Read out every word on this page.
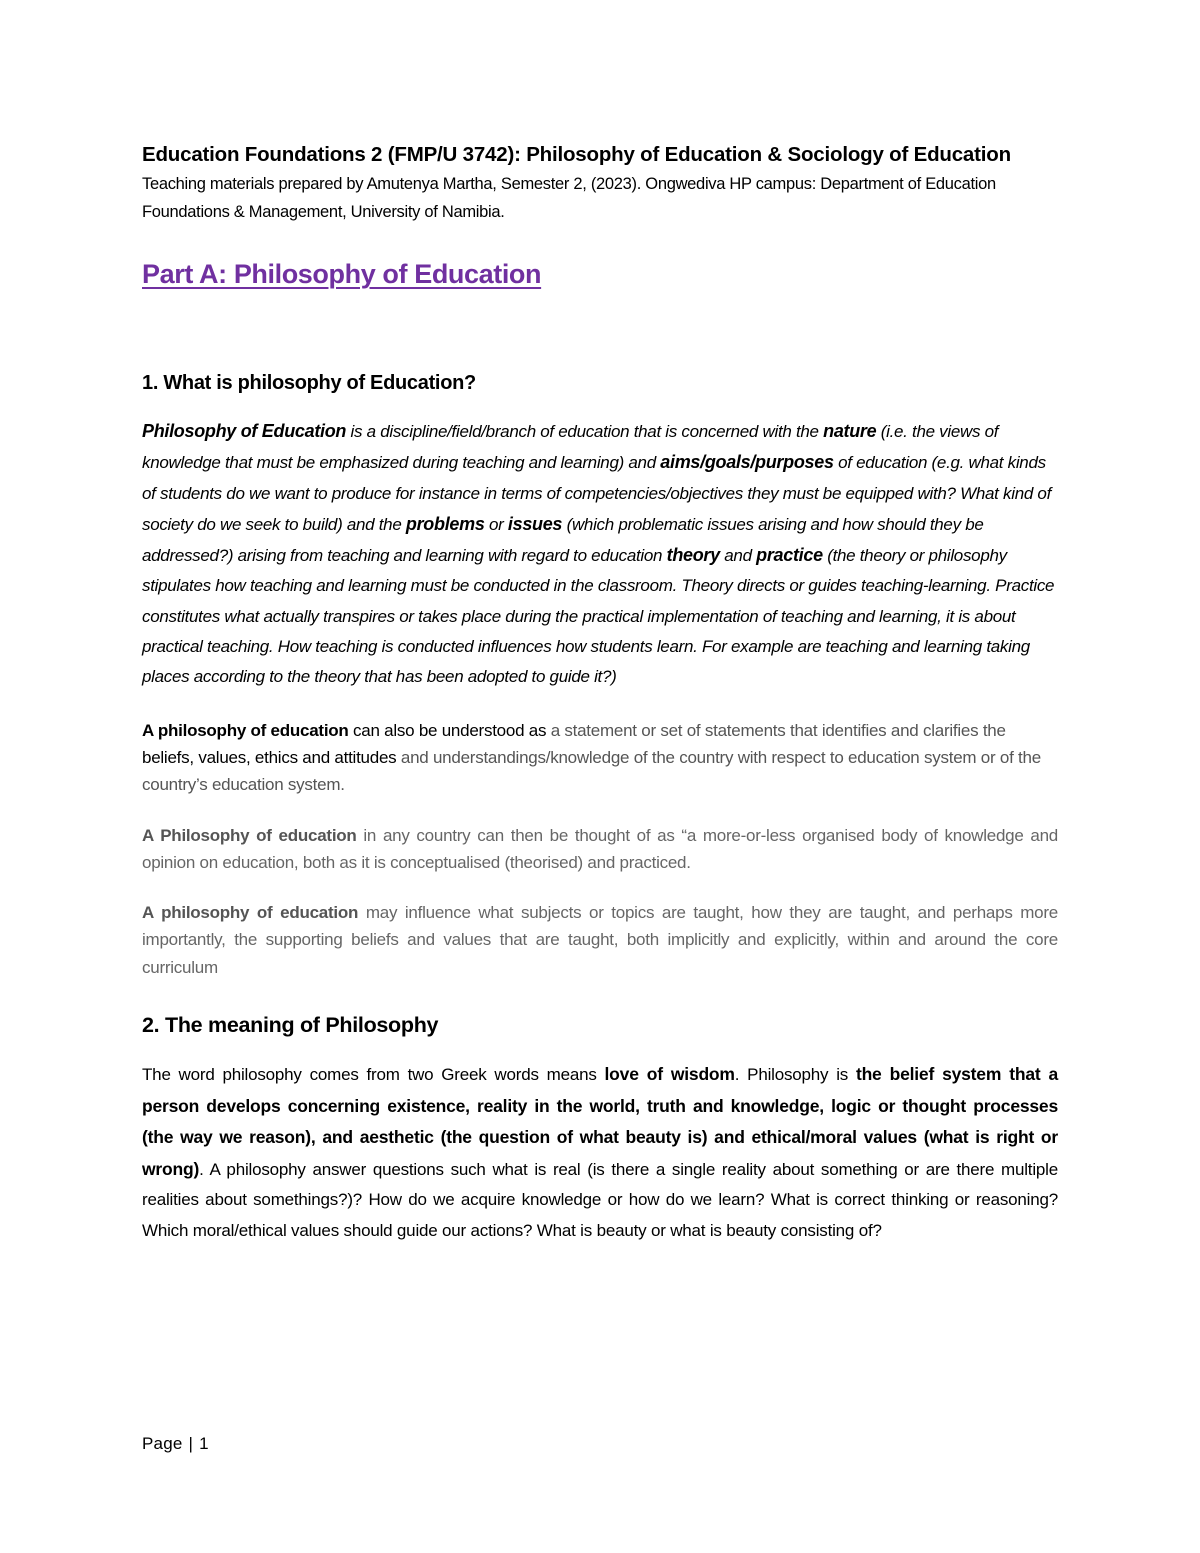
Education Foundations 2 (FMP/U 3742): Philosophy of Education & Sociology of Education

Teaching materials prepared by Amutenya Martha, Semester 2, (2023). Ongwediva HP campus: Department of Education Foundations & Management, University of Namibia.

Part A: Philosophy of Education
1. What is philosophy of Education?

Philosophy of Education is a discipline/field/branch of education that is concerned with the nature (i.e. the views of knowledge that must be emphasized during teaching and learning) and aims/goals/purposes of education (e.g. what kinds of students do we want to produce for instance in terms of competencies/objectives they must be equipped with? What kind of society do we seek to build) and the problems or issues (which problematic issues arising and how should they be addressed?) arising from teaching and learning with regard to education theory and practice (the theory or philosophy stipulates how teaching and learning must be conducted in the classroom. Theory directs or guides teaching-learning. Practice constitutes what actually transpires or takes place during the practical implementation of teaching and learning, it is about practical teaching. How teaching is conducted influences how students learn. For example are teaching and learning taking places according to the theory that has been adopted to guide it?)

A philosophy of education can also be understood as a statement or set of statements that identifies and clarifies the beliefs, values, ethics and attitudes and understandings/knowledge of the country with respect to education system or of the country’s education system.

A Philosophy of education in any country can then be thought of as “a more-or-less organised body of knowledge and opinion on education, both as it is conceptualised (theorised) and practiced.

A philosophy of education may influence what subjects or topics are taught, how they are taught, and perhaps more importantly, the supporting beliefs and values that are taught, both implicitly and explicitly, within and around the core curriculum

2. The meaning of Philosophy

The word philosophy comes from two Greek words means love of wisdom. Philosophy is the belief system that a person develops concerning existence, reality in the world, truth and knowledge, logic or thought processes (the way we reason), and aesthetic (the question of what beauty is) and ethical/moral values (what is right or wrong). A philosophy answer questions such what is real (is there a single reality about something or are there multiple realities about somethings?)? How do we acquire knowledge or how do we learn? What is correct thinking or reasoning? Which moral/ethical values should guide our actions? What is beauty or what is beauty consisting of?

Page | 1
